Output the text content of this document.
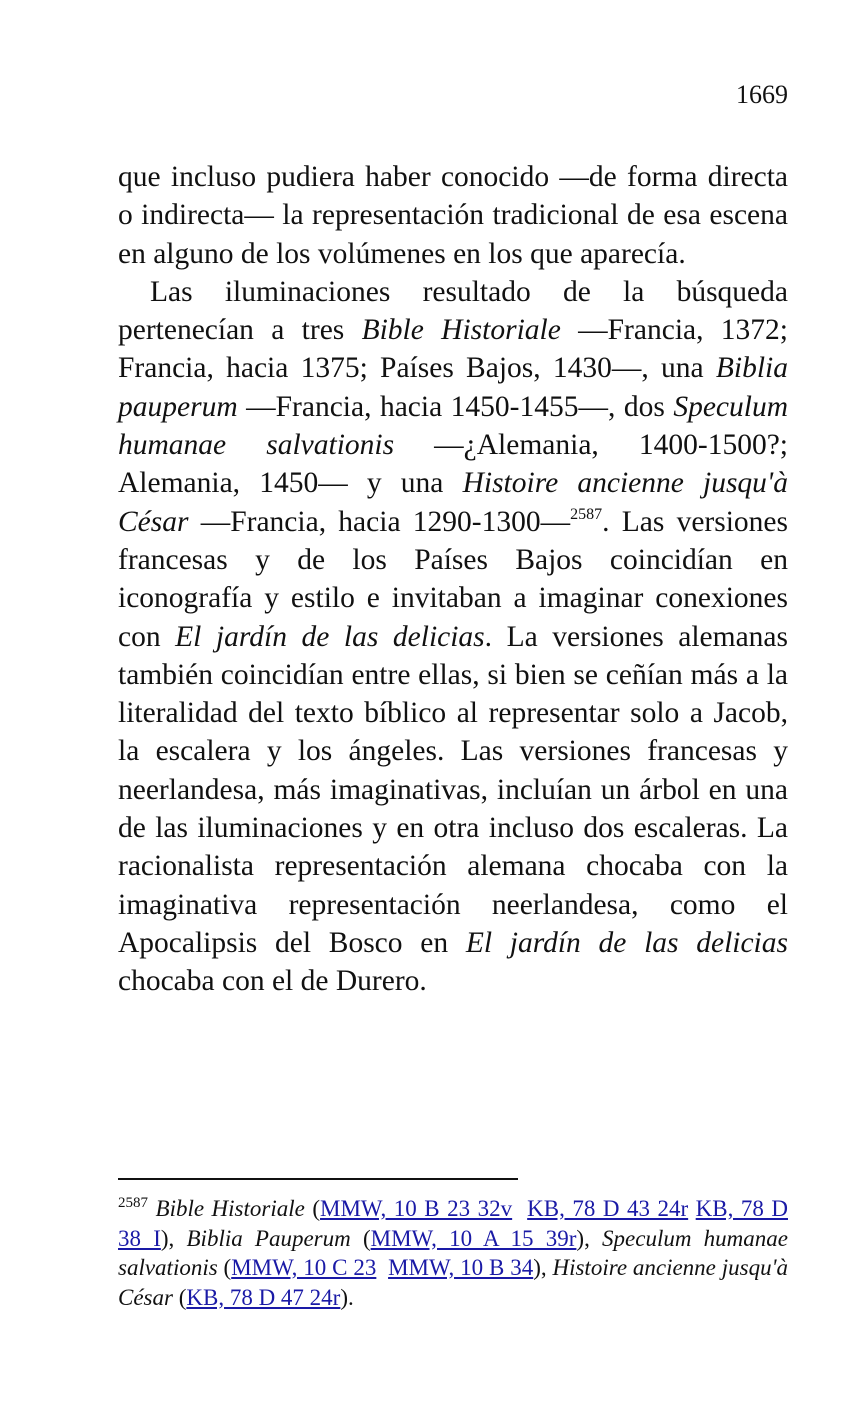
1669

que incluso pudiera haber conocido —de forma directa o indirecta— la representación tradicional de esa escena en alguno de los volúmenes en los que aparecía.

Las iluminaciones resultado de la búsqueda pertenecían a tres Bible Historiale —Francia, 1372; Francia, hacia 1375; Países Bajos, 1430—, una Biblia pauperum —Francia, hacia 1450-1455—, dos Speculum humanae salvationis —¿Alemania, 1400-1500?; Alemania, 1450— y una Histoire ancienne jusqu'à César —Francia, hacia 1290-1300—$^{2587}$. Las versiones francesas y de los Países Bajos coincidían en iconografía y estilo e invitaban a imaginar conexiones con El jardín de las delicias. La versiones alemanas también coincidían entre ellas, si bien se ceñían más a la literalidad del texto bíblico al representar solo a Jacob, la escalera y los ángeles. Las versiones francesas y neerlandesa, más imaginativas, incluían un árbol en una de las iluminaciones y en otra incluso dos escaleras. La racionalista representación alemana chocaba con la imaginativa representación neerlandesa, como el Apocalipsis del Bosco en El jardín de las delicias chocaba con el de Durero.

$^{2587}$ Bible Historiale (MMW, 10 B 23 32v KB, 78 D 43 24r KB, 78 D 38 I), Biblia Pauperum (MMW, 10 A 15 39r), Speculum humanae salvationis (MMW, 10 C 23 MMW, 10 B 34), Histoire ancienne jusqu'à César (KB, 78 D 47 24r).
